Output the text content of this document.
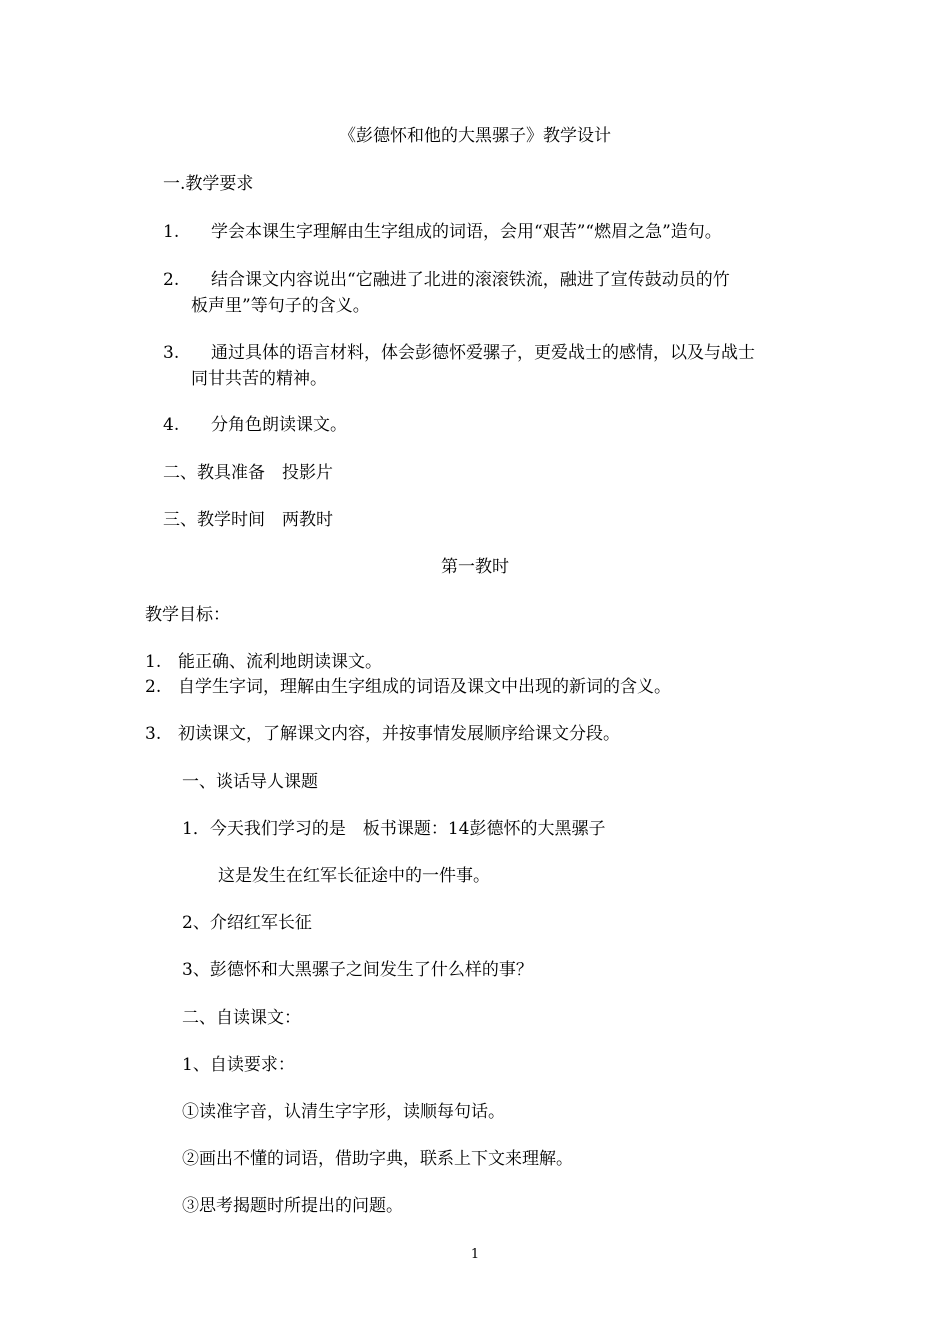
《彭德怀和他的大黑骡子》教学设计
一.教学要求
1. 学会本课生字理解由生字组成的词语，会用“艰苦”“燃眉之急”造句。
2. 结合课文内容说出“它融进了北进的滚滚铁流，融进了宣传鼓动员的竹
板声里”等句子的含义。
3. 通过具体的语言材料，体会彭德怀爱骡子，更爱战士的感情，以及与战士
同甘共苦的精神。
4. 分角色朗读课文。
二、教具准备　投影片
三、教学时间　两教时
第一教时
教学目标：
1. 能正确、流利地朗读课文。
2. 自学生字词，理解由生字组成的词语及课文中出现的新词的含义。
3. 初读课文，了解课文内容，并按事情发展顺序给课文分段。
一、谈话导人课题
1．今天我们学习的是　板书课题：14彭德怀的大黑骡子
这是发生在红军长征途中的一件事。
2、介绍红军长征
3、彭德怀和大黑骡子之间发生了什么样的事？
二、自读课文：
1、自读要求：
①读准字音，认清生字字形，读顺每句话。
②画出不懂的词语，借助字典，联系上下文来理解。
③思考揭题时所提出的问题。
1
